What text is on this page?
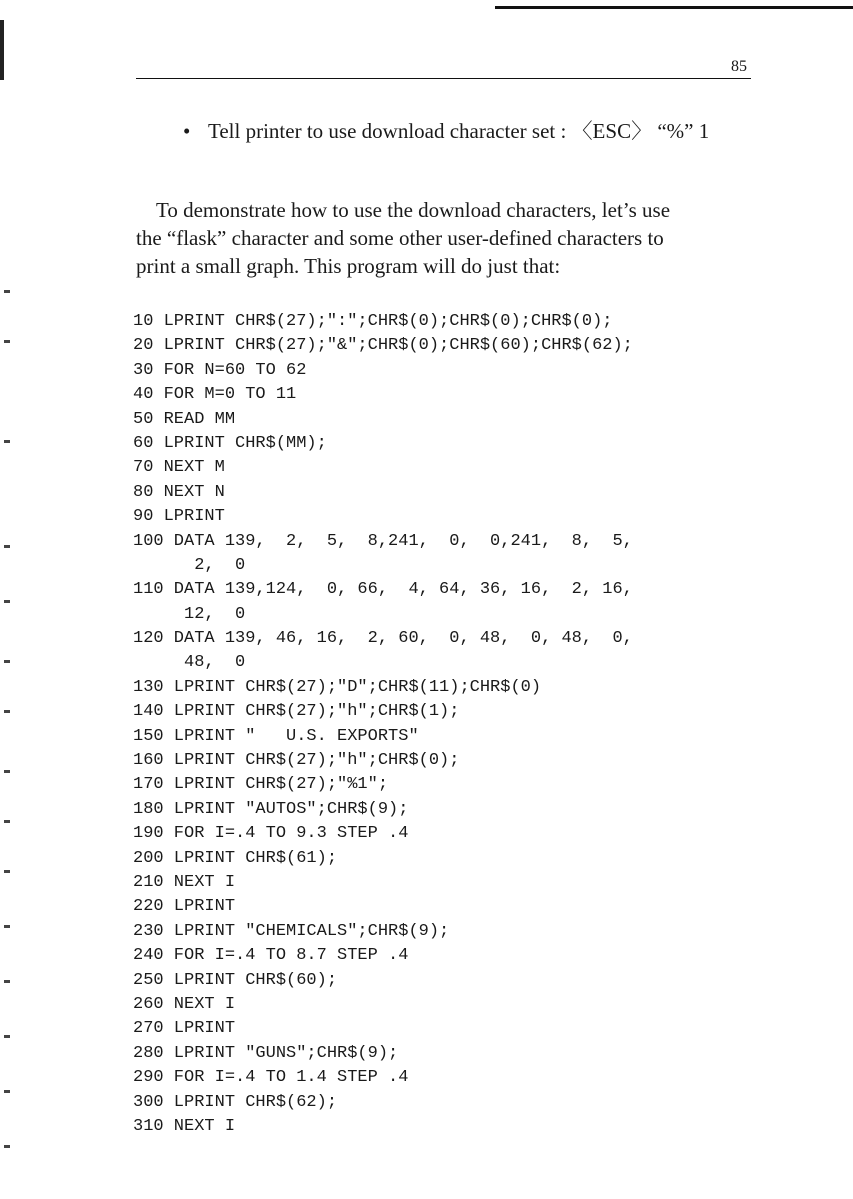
85
• Tell printer to use download character set : 〈ESC〉 “%” 1
To demonstrate how to use the download characters, let’s use
the “flask” character and some other user-defined characters to
print a small graph. This program will do just that:
10 LPRINT CHR$(27);":";CHR$(0);CHR$(0);CHR$(0);
20 LPRINT CHR$(27);"&";CHR$(0);CHR$(60);CHR$(62);
30 FOR N=60 TO 62
40 FOR M=0 TO 11
50 READ MM
60 LPRINT CHR$(MM);
70 NEXT M
80 NEXT N
90 LPRINT
100 DATA 139,  2,  5,  8,241,  0,  0,241,  8,  5,
2,  0
110 DATA 139,124,  0, 66,  4, 64, 36, 16,  2, 16,
12,  0
120 DATA 139, 46, 16,  2, 60,  0, 48,  0, 48,  0,
48,  0
130 LPRINT CHR$(27);"D";CHR$(11);CHR$(0)
140 LPRINT CHR$(27);"h";CHR$(1);
150 LPRINT "   U.S. EXPORTS"
160 LPRINT CHR$(27);"h";CHR$(0);
170 LPRINT CHR$(27);"%1";
180 LPRINT "AUTOS";CHR$(9);
190 FOR I=.4 TO 9.3 STEP .4
200 LPRINT CHR$(61);
210 NEXT I
220 LPRINT
230 LPRINT "CHEMICALS";CHR$(9);
240 FOR I=.4 TO 8.7 STEP .4
250 LPRINT CHR$(60);
260 NEXT I
270 LPRINT
280 LPRINT "GUNS";CHR$(9);
290 FOR I=.4 TO 1.4 STEP .4
300 LPRINT CHR$(62);
310 NEXT I
